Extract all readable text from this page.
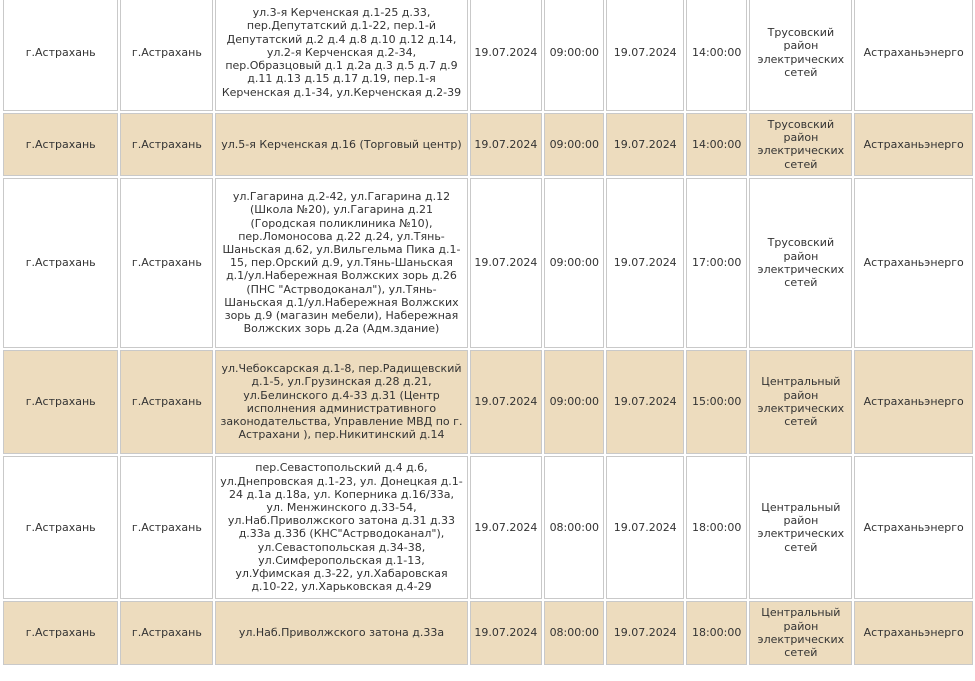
г.Астрахань	г.Астрахань	ул.3-я Керченская д.1-25 д.33, пер.Депутатский д.1-22, пер.1-й Депутатский д.2 д.4 д.8 д.10 д.12 д.14, ул.2-я Керченская д.2-34, пер.Образцовый д.1 д.2а д.3 д.5 д.7 д.9 д.11 д.13 д.15 д.17 д.19, пер.1-я Керченская д.1-34, ул.Керченская д.2-39	19.07.2024	09:00:00	19.07.2024	14:00:00	Трусовский район электрических сетей	Астраханьэнерго
г.Астрахань	г.Астрахань	ул.5-я Керченская д.16 (Торговый центр)	19.07.2024	09:00:00	19.07.2024	14:00:00	Трусовский район электрических сетей	Астраханьэнерго
г.Астрахань	г.Астрахань	ул.Гагарина д.2-42, ул.Гагарина д.12 (Школа №20), ул.Гагарина д.21 (Городская поликлиника №10), пер.Ломоносова д.22 д.24, ул.Тянь-Шаньская д.62, ул.Вильгельма Пика д.1-15, пер.Орский д.9, ул.Тянь-Шаньская д.1/ул.Набережная Волжских зорь д.26 (ПНС "Астрводоканал"), ул.Тянь-Шаньская д.1/ул.Набережная Волжских зорь д.9 (магазин мебели), Набережная Волжских зорь д.2а (Адм.здание)	19.07.2024	09:00:00	19.07.2024	17:00:00	Трусовский район электрических сетей	Астраханьэнерго
г.Астрахань	г.Астрахань	ул.Чебоксарская д.1-8, пер.Радищевский д.1-5, ул.Грузинская д.28 д.21, ул.Белинского д.4-33 д.31 (Центр исполнения административного законодательства, Управление МВД по г. Астрахани ), пер.Никитинский д.14	19.07.2024	09:00:00	19.07.2024	15:00:00	Центральный район электрических сетей	Астраханьэнерго
г.Астрахань	г.Астрахань	пер.Севастопольский д.4 д.6, ул.Днепровская д.1-23, ул. Донецкая д.1-24 д.1а д.18а, ул. Коперника д.16/33а, ул. Менжинского д.33-54, ул.Наб.Приволжского затона д.31 д.33 д.33а д.33б (КНС"Астрводоканал"), ул.Севастопольская д.34-38, ул.Симферопольская д.1-13, ул.Уфимская д.3-22, ул.Хабаровская д.10-22, ул.Харьковская д.4-29	19.07.2024	08:00:00	19.07.2024	18:00:00	Центральный район электрических сетей	Астраханьэнерго
г.Астрахань	г.Астрахань	ул.Наб.Приволжского затона д.33а	19.07.2024	08:00:00	19.07.2024	18:00:00	Центральный район электрических сетей	Астраханьэнерго
